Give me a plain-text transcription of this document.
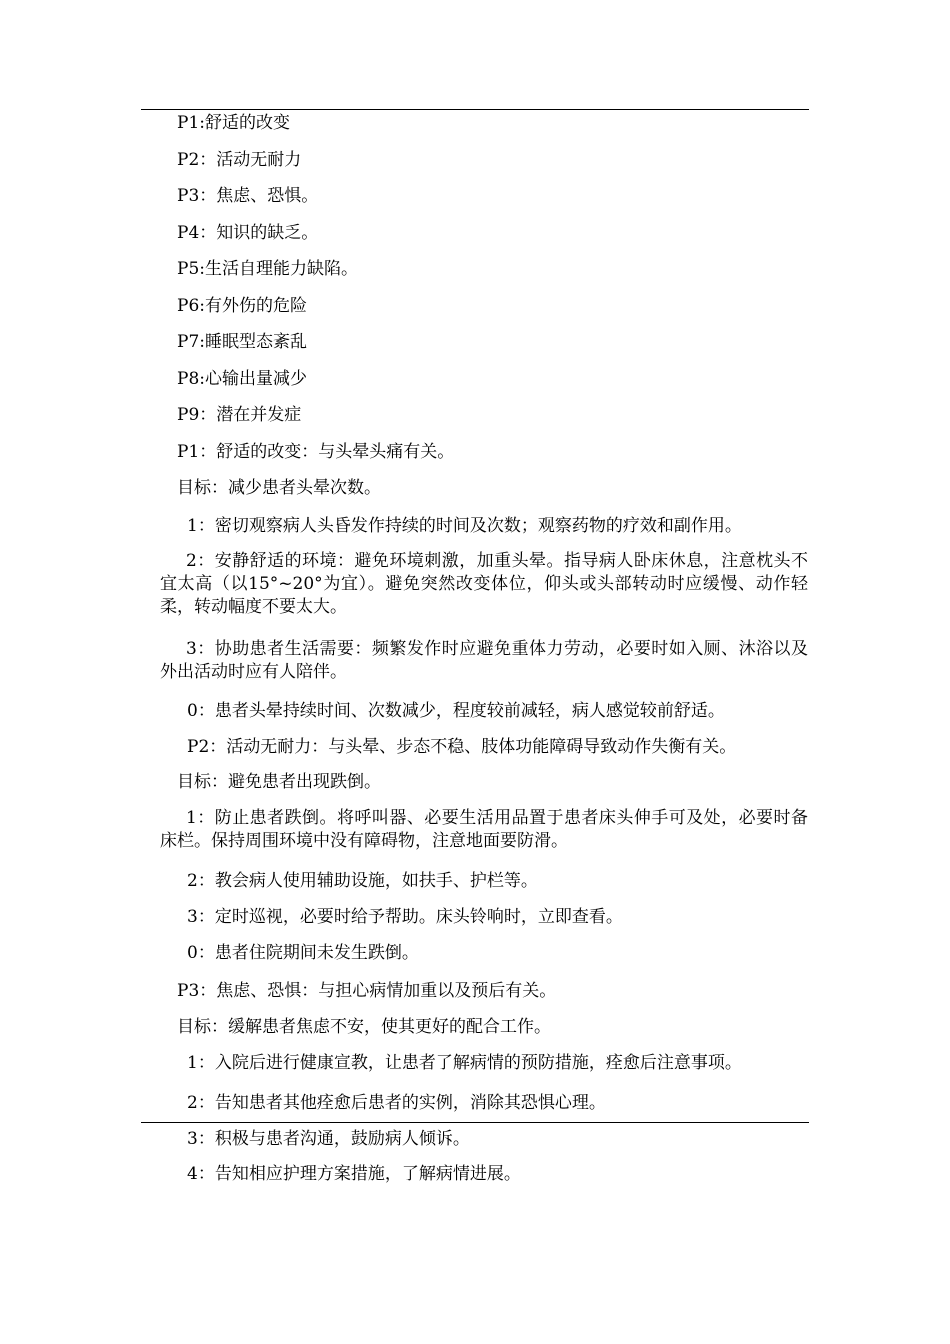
P1:舒适的改变
P2：活动无耐力
P3：焦虑、恐惧。
P4：知识的缺乏。
P5:生活自理能力缺陷。
P6:有外伤的危险
P7:睡眠型态紊乱
P8:心输出量减少
P9：潜在并发症
P1：舒适的改变：与头晕头痛有关。
目标：减少患者头晕次数。
1：密切观察病人头昏发作持续的时间及次数；观察药物的疗效和副作用。
2：安静舒适的环境：避免环境刺激，加重头晕。指导病人卧床休息，注意枕头不宜太高（以15°~20°为宜）。避免突然改变体位，仰头或头部转动时应缓慢、动作轻柔，转动幅度不要太大。
3：协助患者生活需要：频繁发作时应避免重体力劳动，必要时如入厕、沐浴以及外出活动时应有人陪伴。
0：患者头晕持续时间、次数减少，程度较前减轻，病人感觉较前舒适。
P2：活动无耐力：与头晕、步态不稳、肢体功能障碍导致动作失衡有关。
目标：避免患者出现跌倒。
1：防止患者跌倒。将呼叫器、必要生活用品置于患者床头伸手可及处，必要时备床栏。保持周围环境中没有障碍物，注意地面要防滑。
2：教会病人使用辅助设施，如扶手、护栏等。
3：定时巡视，必要时给予帮助。床头铃响时，立即查看。
0：患者住院期间未发生跌倒。
P3：焦虑、恐惧：与担心病情加重以及预后有关。
目标：缓解患者焦虑不安，使其更好的配合工作。
1：入院后进行健康宣教，让患者了解病情的预防措施，痊愈后注意事项。
2：告知患者其他痊愈后患者的实例，消除其恐惧心理。
3：积极与患者沟通，鼓励病人倾诉。
4：告知相应护理方案措施，了解病情进展。
